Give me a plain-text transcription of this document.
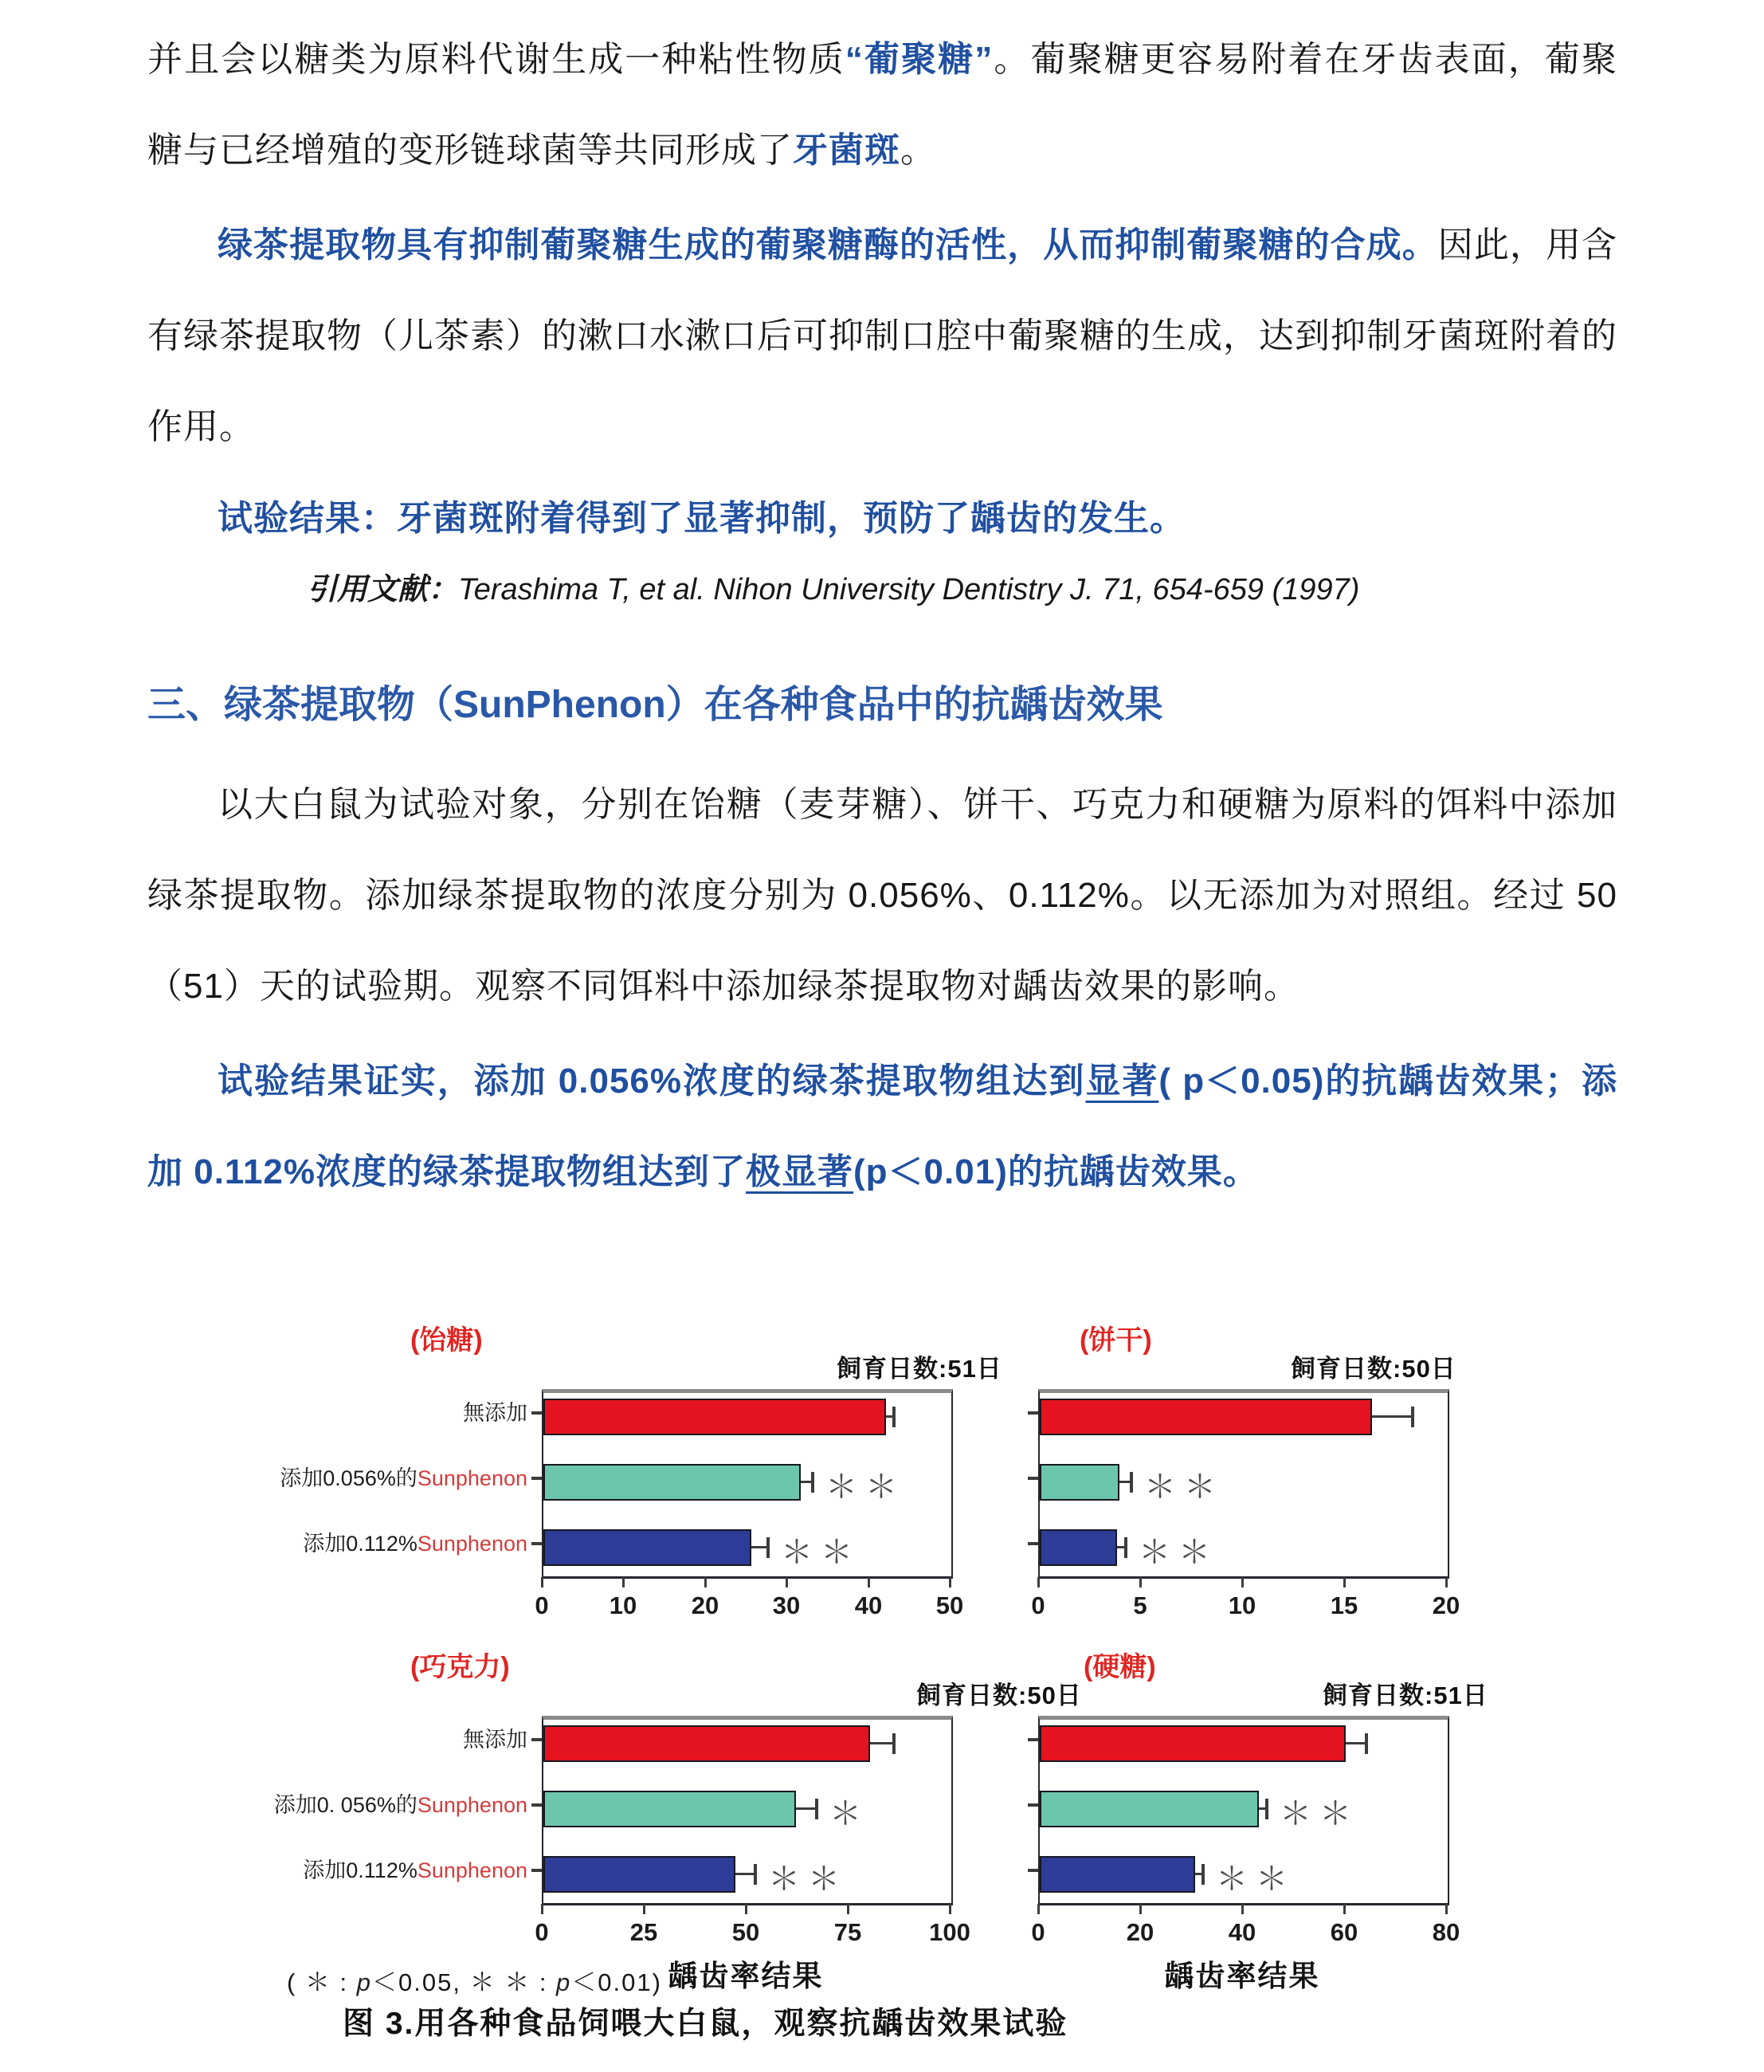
并且会以糖类为原料代谢生成一种粘性物质“葡聚糖”。葡聚糖更容易附着在牙齿表面，葡聚糖与已经增殖的变形链球菌等共同形成了牙菌斑。
绿茶提取物具有抑制葡聚糖生成的葡聚糖酶的活性，从而抑制葡聚糖的合成。因此，用含有绿茶提取物（儿茶素）的漱口水漱口后可抑制口腔中葡聚糖的生成，达到抑制牙菌斑附着的作用。
试验结果：牙菌斑附着得到了显著抑制，预防了龋齿的发生。
引用文献：Terashima T, et al. Nihon University Dentistry J. 71, 654-659 (1997)
三、绿茶提取物（SunPhenon）在各种食品中的抗龋齿效果
以大白鼠为试验对象，分别在饴糖（麦芽糖）、饼干、巧克力和硬糖为原料的饵料中添加绿茶提取物。添加绿茶提取物的浓度分别为 0.056%、0.112%。以无添加为对照组。经过 50（51）天的试验期。观察不同饵料中添加绿茶提取物对龋齿效果的影响。
试验结果证实，添加 0.056%浓度的绿茶提取物组达到显著( p＜0.05)的抗龋齿效果；添加 0.112%浓度的绿茶提取物组达到了极显著(p＜0.01)的抗龋齿效果。
(饴糖)
飼育日数:51日
＊＊
＊＊
無添加
添加0.056%的Sunphenon
添加0.112%Sunphenon
0	10	20	30	40	50
(饼干)
飼育日数:50日
＊＊
＊＊
0	5	10	15	20
(巧克力)
飼育日数:50日
＊
＊＊
無添加
添加0. 056%的Sunphenon
添加0.112%Sunphenon
0	25	50	75	100
龋齿率结果
(硬糖)
飼育日数:51日
＊＊
＊＊
0	20	40	60	80
龋齿率结果
( ＊ : p＜0.05, ＊ ＊ : p＜0.01)
图 3.用各种食品饲喂大白鼠，观察抗龋齿效果试验
